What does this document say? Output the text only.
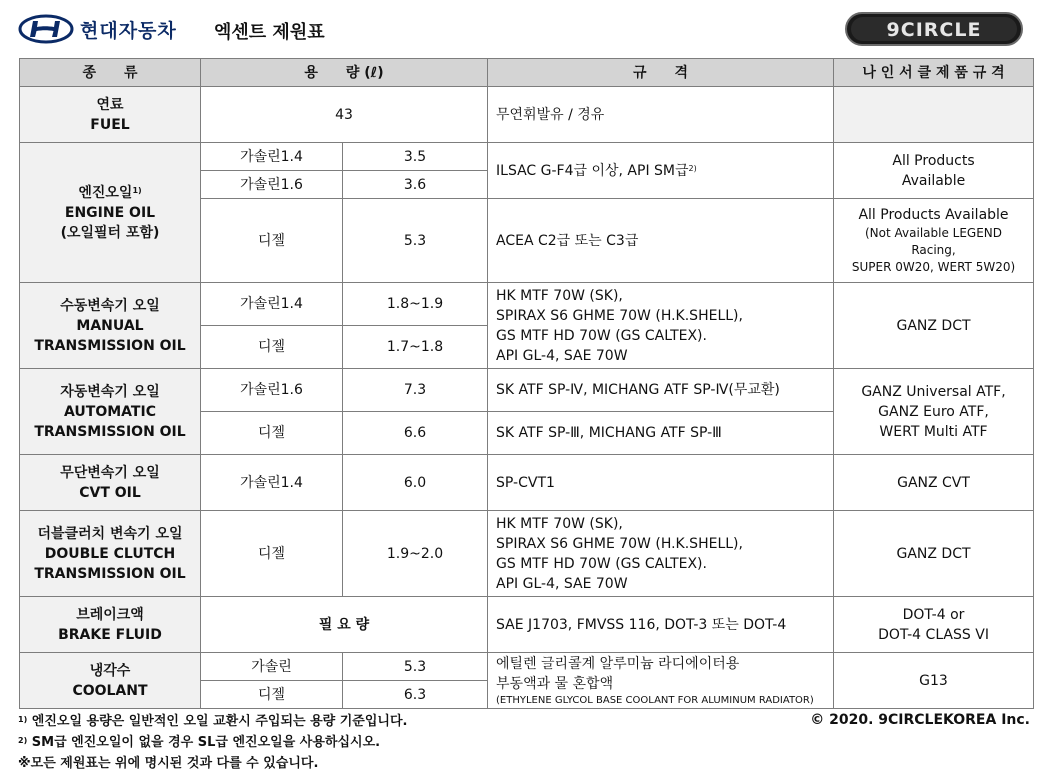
현대자동차 엑센트 제원표	9CIRCLE
종　　류	용　　량 (ℓ)		규　　격	나 인 서 클 제 품 규 격

연료
FUEL	43		무연휘발유 / 경유	

엔진오일$^{1)}$
ENGINE OIL
(오일필터 포함)	가솔린1.4	3.5	ILSAC G-F4급 이상, API SM급$^{2)}$	All Products
Available

	가솔린1.6	3.6		
	디젤	5.3	ACEA C2급 또는 C3급	All Products Available
(Not Available LEGEND Racing,
SUPER 0W20, WERT 5W20)

수동변속기 오일
MANUAL
TRANSMISSION OIL	가솔린1.4	1.8~1.9	HK MTF 70W (SK),
SPIRAX S6 GHME 70W (H.K.SHELL),
GS MTF HD 70W (GS CALTEX).
API GL-4, SAE 70W	GANZ DCT
	디젤	1.7~1.8		

자동변속기 오일
AUTOMATIC
TRANSMISSION OIL	가솔린1.6	7.3	SK ATF SP-Ⅳ, MICHANG ATF SP-Ⅳ(무교환)	GANZ Universal ATF,
GANZ Euro ATF,
WERT Multi ATF

	디젤	6.6	SK ATF SP-Ⅲ, MICHANG ATF SP-Ⅲ	

무단변속기 오일
CVT OIL	가솔린1.4	6.0	SP-CVT1	GANZ CVT

더블클러치 변속기 오일
DOUBLE CLUTCH
TRANSMISSION OIL	디젤	1.9~2.0	HK MTF 70W (SK),
SPIRAX S6 GHME 70W (H.K.SHELL),
GS MTF HD 70W (GS CALTEX).
API GL-4, SAE 70W	GANZ DCT

브레이크액
BRAKE FLUID	필 요 량		SAE J1703, FMVSS 116, DOT-3 또는 DOT-4	DOT-4 or
DOT-4 CLASS VI

냉각수
COOLANT	가솔린	5.3	에틸렌 글리콜계 알루미늄 라디에이터용
부동액과 물 혼합액
(ETHYLENE GLYCOL BASE COOLANT FOR ALUMINUM RADIATOR)	G13
	디젤	6.3		
$^{1)}$ 엔진오일 용량은 일반적인 오일 교환시 주입되는 용량 기준입니다.
$^{2)}$ SM급 엔진오일이 없을 경우 SL급 엔진오일을 사용하십시오.
※모든 제원표는 위에 명시된 것과 다를 수 있습니다.
© 2020. 9CIRCLEKOREA Inc.
